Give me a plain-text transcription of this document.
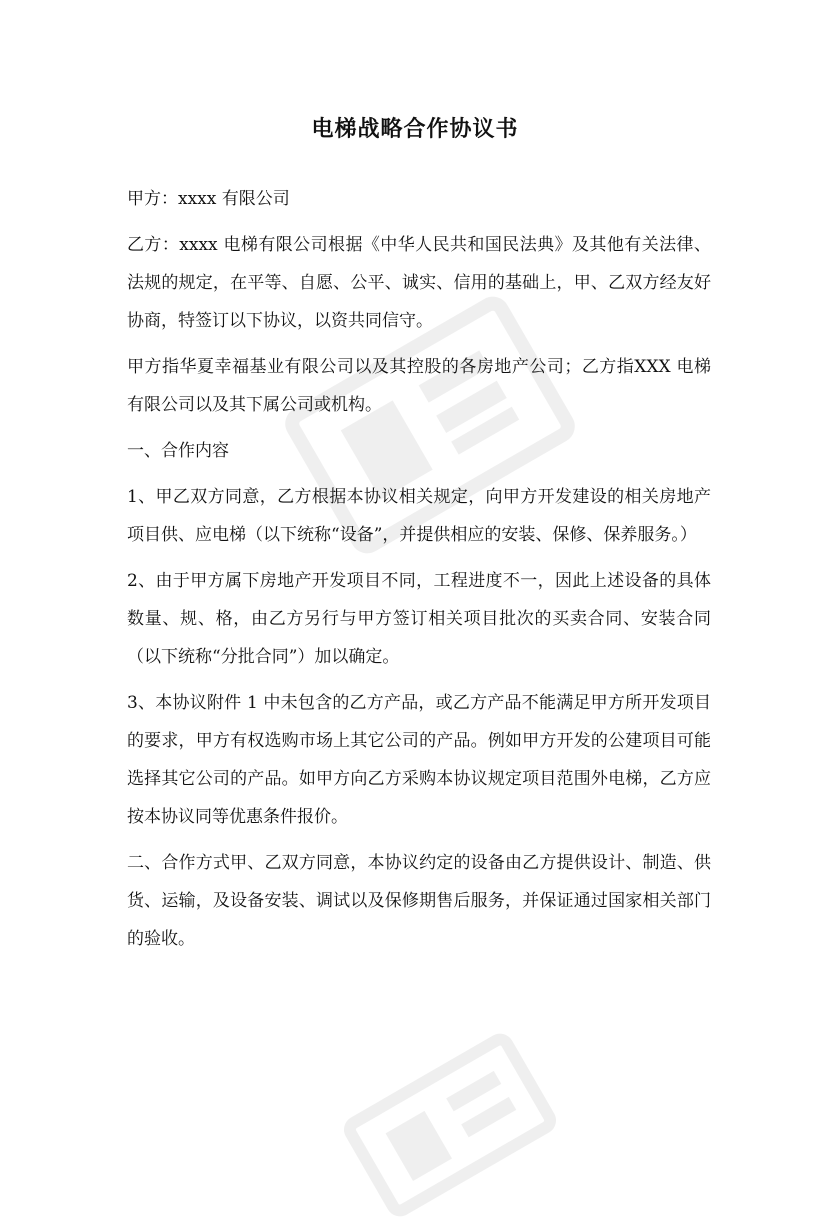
电梯战略合作协议书

甲方：xxxx 有限公司

乙方：xxxx 电梯有限公司根据《中华人民共和国民法典》及其他有关法律、法规的规定，在平等、自愿、公平、诚实、信用的基础上，甲、乙双方经友好协商，特签订以下协议，以资共同信守。

甲方指华夏幸福基业有限公司以及其控股的各房地产公司；乙方指XXX 电梯有限公司以及其下属公司或机构。

一、合作内容

1、甲乙双方同意，乙方根据本协议相关规定，向甲方开发建设的相关房地产项目供、应电梯（以下统称“设备”，并提供相应的安装、保修、保养服务。）

2、由于甲方属下房地产开发项目不同，工程进度不一，因此上述设备的具体数量、规、格，由乙方另行与甲方签订相关项目批次的买卖合同、安装合同（以下统称“分批合同”）加以确定。

3、本协议附件 1 中未包含的乙方产品，或乙方产品不能满足甲方所开发项目的要求，甲方有权选购市场上其它公司的产品。例如甲方开发的公建项目可能选择其它公司的产品。如甲方向乙方采购本协议规定项目范围外电梯，乙方应按本协议同等优惠条件报价。

二、合作方式甲、乙双方同意，本协议约定的设备由乙方提供设计、制造、供货、运输，及设备安装、调试以及保修期售后服务，并保证通过国家相关部门的验收。
